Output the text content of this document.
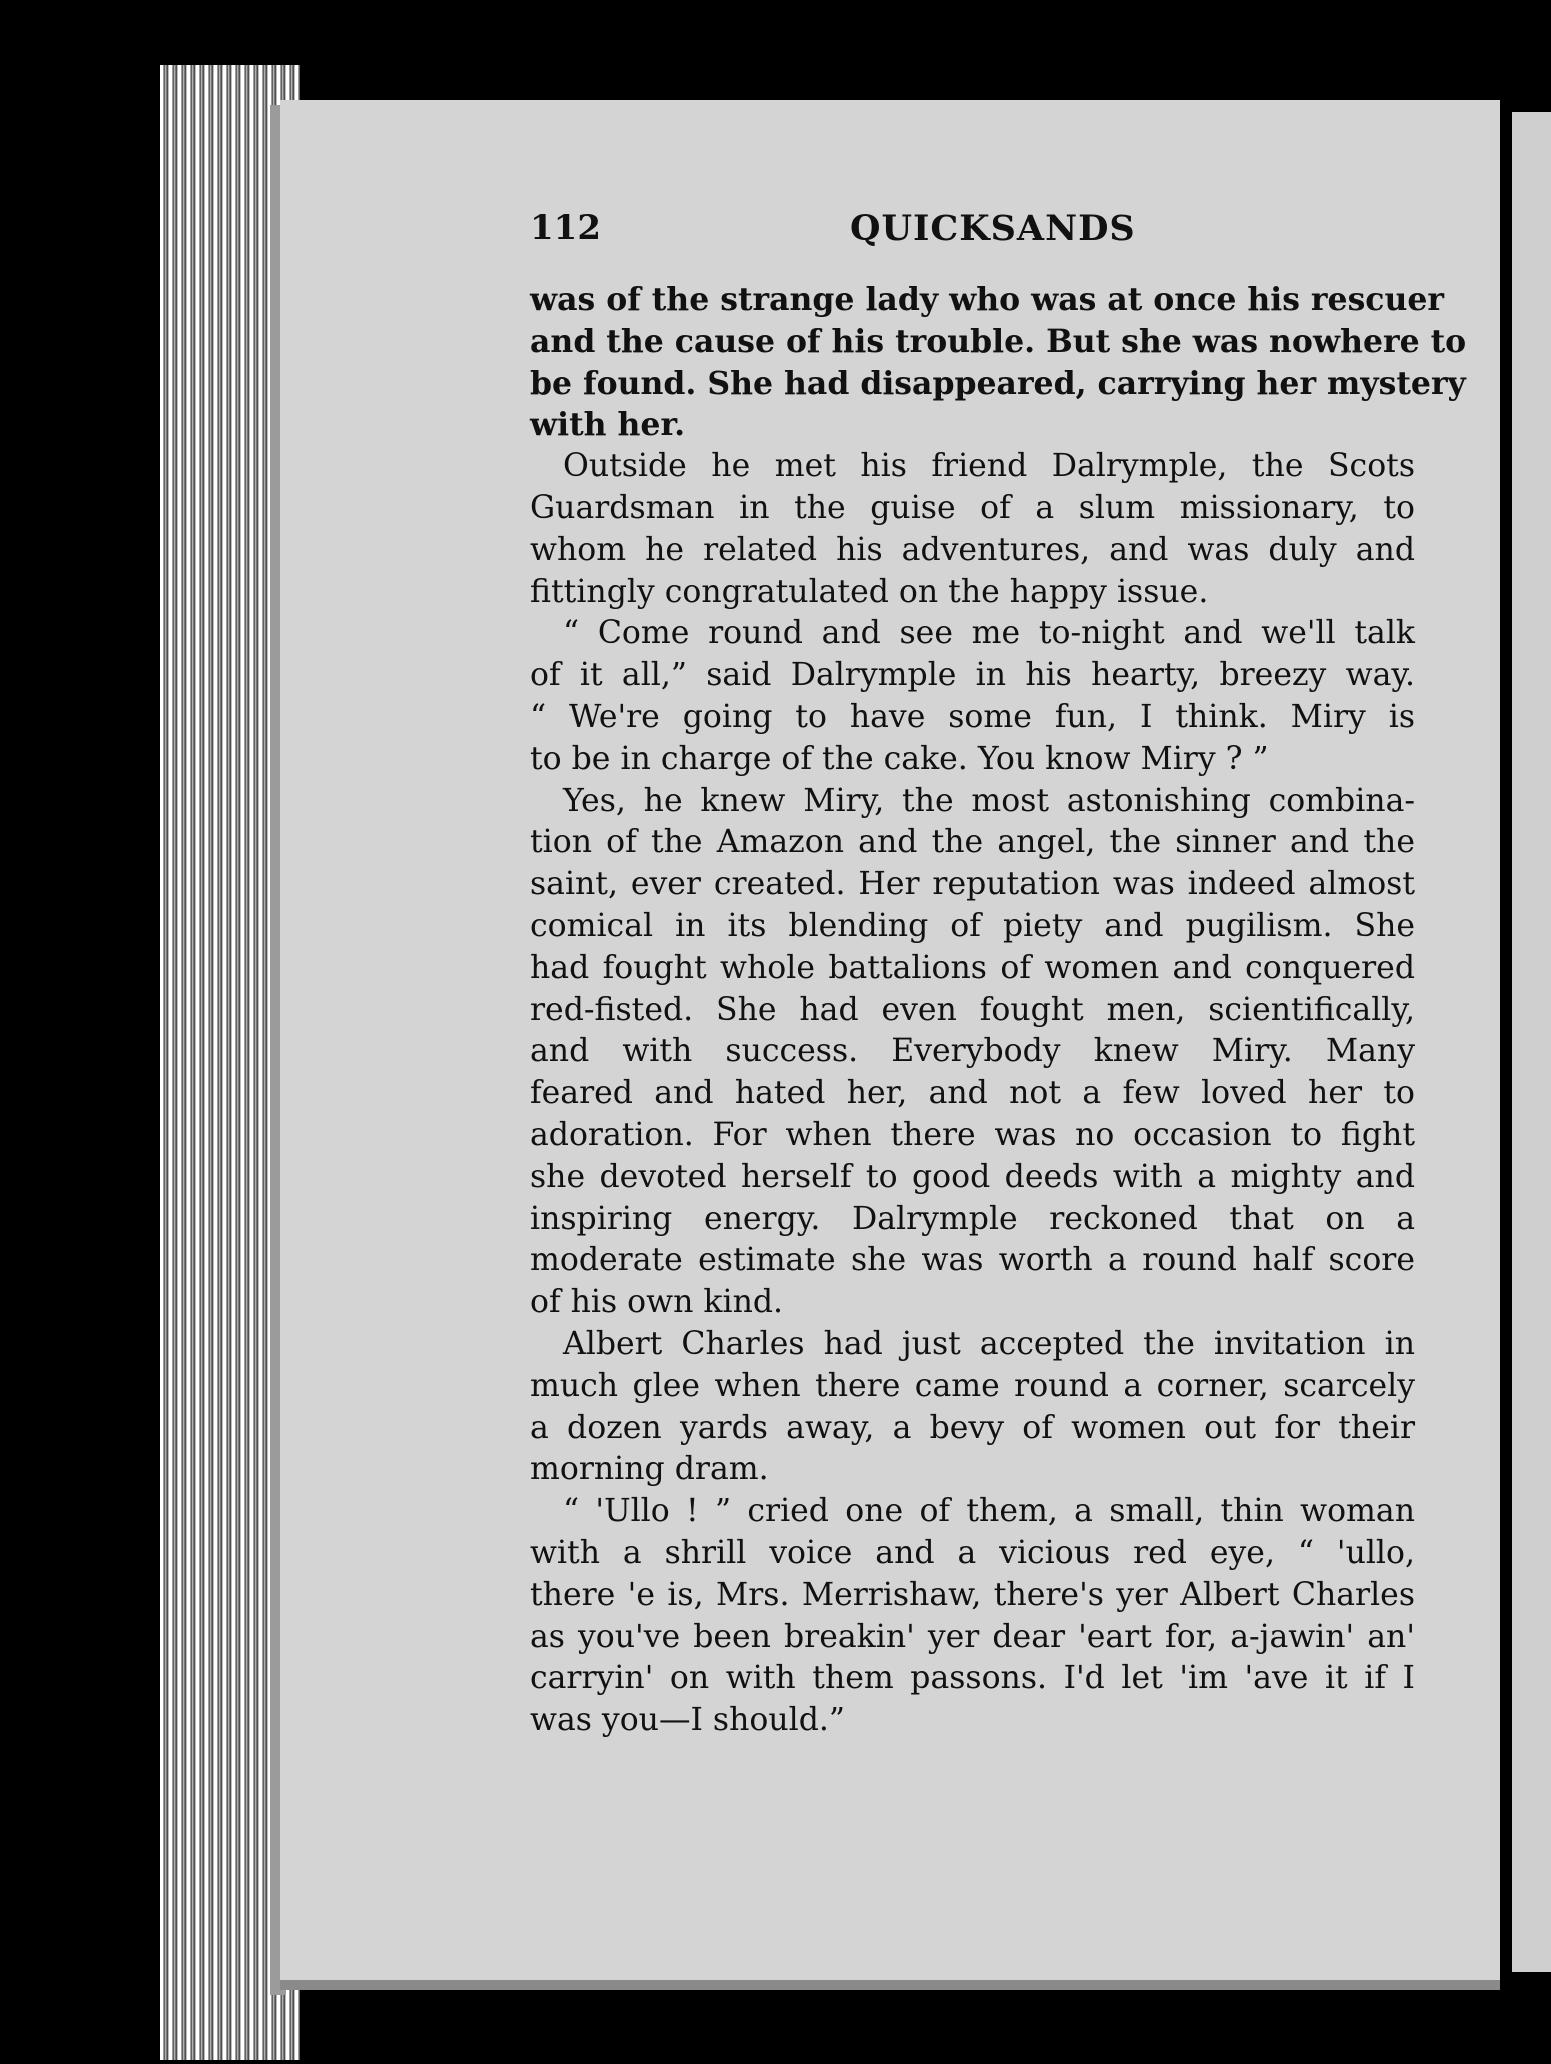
112	QUICKSANDS
was of the strange lady who was at once his rescuer
and the cause of his trouble. But she was nowhere to
be found. She had disappeared, carrying her mystery
with her.
Outside he met his friend Dalrymple, the Scots
Guardsman in the guise of a slum missionary, to
whom he related his adventures, and was duly and
fittingly congratulated on the happy issue.
“ Come round and see me to-night and we'll talk
of it all,” said Dalrymple in his hearty, breezy way.
“ We're going to have some fun, I think. Miry is
to be in charge of the cake. You know Miry ? ”
Yes, he knew Miry, the most astonishing combina-
tion of the Amazon and the angel, the sinner and the
saint, ever created. Her reputation was indeed almost
comical in its blending of piety and pugilism. She
had fought whole battalions of women and conquered
red-fisted. She had even fought men, scientifically,
and with success. Everybody knew Miry. Many
feared and hated her, and not a few loved her to
adoration. For when there was no occasion to fight
she devoted herself to good deeds with a mighty and
inspiring energy. Dalrymple reckoned that on a
moderate estimate she was worth a round half score
of his own kind.
Albert Charles had just accepted the invitation in
much glee when there came round a corner, scarcely
a dozen yards away, a bevy of women out for their
morning dram.
“ 'Ullo ! ” cried one of them, a small, thin woman
with a shrill voice and a vicious red eye, “ 'ullo,
there 'e is, Mrs. Merrishaw, there's yer Albert Charles
as you've been breakin' yer dear 'eart for, a-jawin' an'
carryin' on with them passons. I'd let 'im 'ave it if I
was you—I should.”
